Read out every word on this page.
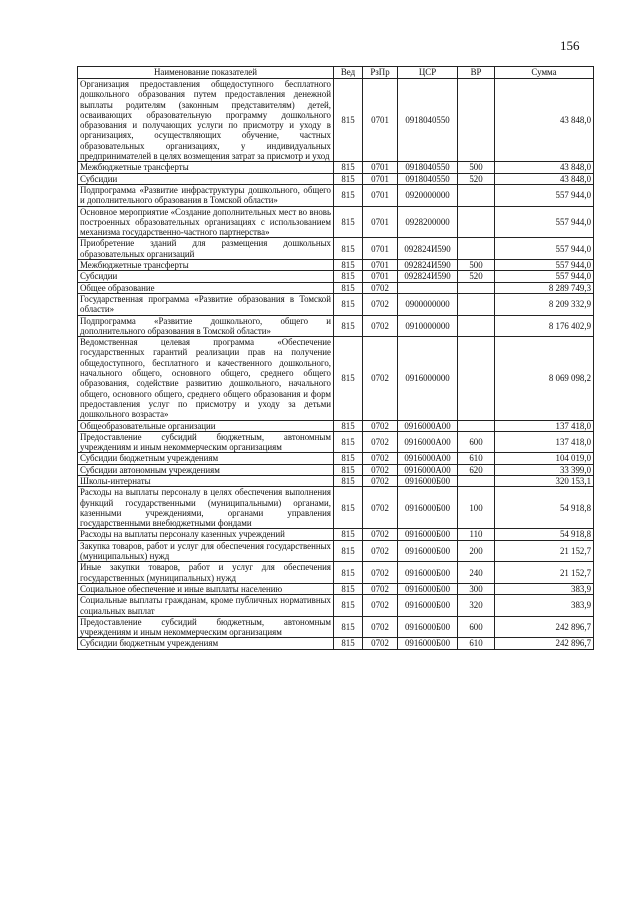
156
Наименование показателей	Вед	РзПр	ЦСР	ВР	Сумма
Организация предоставления общедоступного бесплатного дошкольного образования путем предоставления денежной выплаты родителям (законным представителям) детей, осваивающих образовательную программу дошкольного образования и получающих услуги по присмотру и уходу в организациях, осуществляющих обучение, частных образовательных организациях, у индивидуальных предпринимателей в целях возмещения затрат за присмотр и уход	815	0701	0918040550		43 848,0
Межбюджетные трансферты	815	0701	0918040550	500	43 848,0
Субсидии	815	0701	0918040550	520	43 848,0
Подпрограмма «Развитие инфраструктуры дошкольного, общего и дополнительного образования в Томской области»	815	0701	0920000000		557 944,0
Основное мероприятие «Создание дополнительных мест во вновь построенных образовательных организациях с использованием механизма государственно-частного партнерства»	815	0701	0928200000		557 944,0
Приобретение зданий для размещения дошкольных образовательных организаций	815	0701	092824И590		557 944,0
Межбюджетные трансферты	815	0701	092824И590	500	557 944,0
Субсидии	815	0701	092824И590	520	557 944,0
Общее образование	815	0702			8 289 749,3
Государственная программа «Развитие образования в Томской области»	815	0702	0900000000		8 209 332,9
Подпрограмма «Развитие дошкольного, общего и дополнительного образования в Томской области»	815	0702	0910000000		8 176 402,9
Ведомственная целевая программа «Обеспечение государственных гарантий реализации прав на получение общедоступного, бесплатного и качественного дошкольного, начального общего, основного общего, среднего общего образования, содействие развитию дошкольного, начального общего, основного общего, среднего общего образования и форм предоставления услуг по присмотру и уходу за детьми дошкольного возраста»	815	0702	0916000000		8 069 098,2
Общеобразовательные организации	815	0702	0916000А00		137 418,0
Предоставление субсидий бюджетным, автономным учреждениям и иным некоммерческим организациям	815	0702	0916000А00	600	137 418,0
Субсидии бюджетным учреждениям	815	0702	0916000А00	610	104 019,0
Субсидии автономным учреждениям	815	0702	0916000А00	620	33 399,0
Школы-интернаты	815	0702	0916000Б00		320 153,1
Расходы на выплаты персоналу в целях обеспечения выполнения функций государственными (муниципальными) органами, казенными учреждениями, органами управления государственными внебюджетными фондами	815	0702	0916000Б00	100	54 918,8
Расходы на выплаты персоналу казенных учреждений	815	0702	0916000Б00	110	54 918,8
Закупка товаров, работ и услуг для обеспечения государственных (муниципальных) нужд	815	0702	0916000Б00	200	21 152,7
Иные закупки товаров, работ и услуг для обеспечения государственных (муниципальных) нужд	815	0702	0916000Б00	240	21 152,7
Социальное обеспечение и иные выплаты населению	815	0702	0916000Б00	300	383,9
Социальные выплаты гражданам, кроме публичных нормативных социальных выплат	815	0702	0916000Б00	320	383,9
Предоставление субсидий бюджетным, автономным учреждениям и иным некоммерческим организациям	815	0702	0916000Б00	600	242 896,7
Субсидии бюджетным учреждениям	815	0702	0916000Б00	610	242 896,7
